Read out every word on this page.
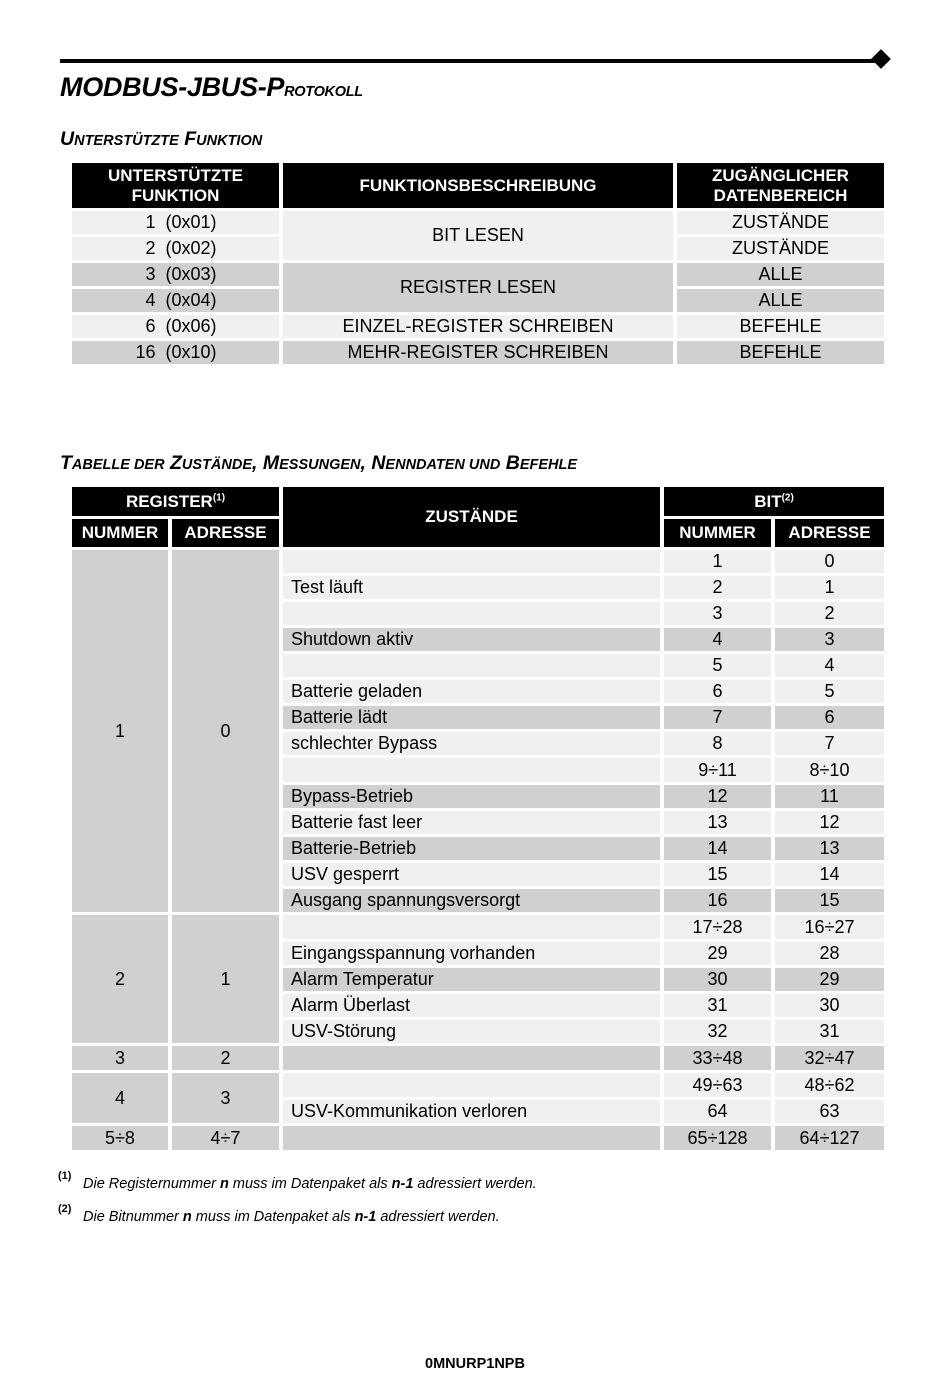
MODBUS-JBUS-PROTOKOLL
UNTERSTÜTZTE FUNKTION
UNTERSTÜTZTE FUNKTION	FUNKTIONSBESCHREIBUNG	ZUGÄNGLICHER DATENBEREICH

1 (0x01)	BIT LESEN	ZUSTÄNDE

2 (0x02)		ZUSTÄNDE

3 (0x03)	REGISTER LESEN	ALLE

4 (0x04)		ALLE

6 (0x06)	EINZEL-REGISTER SCHREIBEN	BEFEHLE

16 (0x10)	MEHR-REGISTER SCHREIBEN	BEFEHLE
TABELLE DER ZUSTÄNDE, MESSUNGEN, NENNDATEN UND BEFEHLE
REGISTER$^{(1)}$		ZUSTÄNDE	BIT$^{(2)}$
NUMMER	ADRESSE		NUMMER	ADRESSE
1	0		1	0
		Test läuft	2	1
			3	2
		Shutdown aktiv	4	3
			5	4
		Batterie geladen	6	5
		Batterie lädt	7	6
		schlechter Bypass	8	7
			9÷11	8÷10
		Bypass-Betrieb	12	11
		Batterie fast leer	13	12
		Batterie-Betrieb	14	13
		USV gesperrt	15	14
		Ausgang spannungsversorgt	16	15
2	1		17÷28	16÷27
		Eingangsspannung vorhanden	29	28
		Alarm Temperatur	30	29
		Alarm Überlast	31	30
		USV-Störung	32	31
3	2		33÷48	32÷47
4	3		49÷63	48÷62
		USV-Kommunikation verloren	64	63
5÷8	4÷7		65÷128	64÷127
(1) Die Registernummer n muss im Datenpaket als n-1 adressiert werden.
(2) Die Bitnummer n muss im Datenpaket als n-1 adressiert werden.
0MNURP1NPB
